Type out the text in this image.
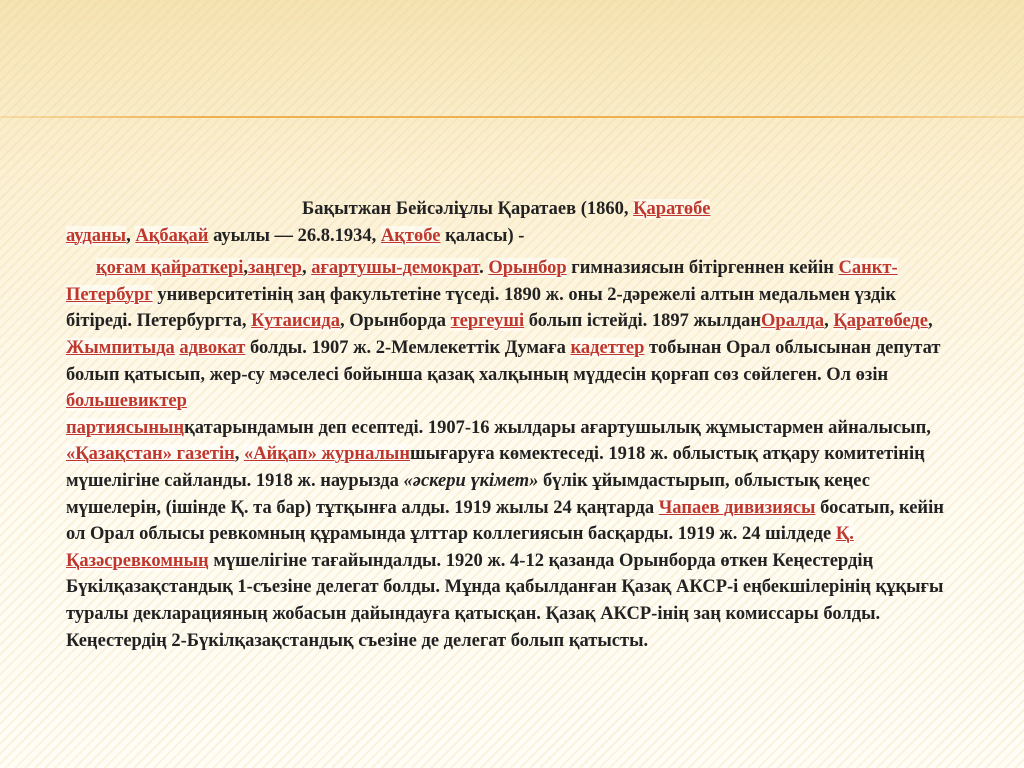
Бақытжан Бейсәліұлы Қаратаев (1860, Қаратөбе
ауданы, Ақбақай ауылы — 26.8.1934, Ақтөбе қаласы) -

қоғам қайраткері,заңгер, ағартушы-демократ. Орынбор гимназиясын бітіргеннен кейін Санкт-
Петербург университетінің заң факультетіне түседі. 1890 ж. оны 2-дәрежелі алтын медальмен үздік бітіреді. Петербургта, Кутаисида, Орынборда тергеуші болып істейді. 1897 жылданОралда, Қаратөбеде, Жымпитыда адвокат болды. 1907 ж. 2-Мемлекеттік Думаға кадеттер тобынан Орал облысынан депутат болып қатысып, жер-су мәселесі бойынша қазақ халқының мүддесін қорғап сөз сөйлеген. Ол өзін большевиктер
партиясыныңқатарындамын деп есептеді. 1907-16 жылдары ағартушылық жұмыстармен айналысып, «Қазақстан» газетін, «Айқап» журналыншығаруға көмектеседі. 1918 ж. облыстық атқару комитетінің мүшелігіне сайланды. 1918 ж. наурызда «әскери үкімет» бүлік ұйымдастырып, облыстық кеңес мүшелерін, (ішінде Қ. та бар) тұтқынға алды. 1919 жылы 24 қаңтарда Чапаев дивизиясы босатып, кейін ол Орал облысы ревкомның құрамында ұлттар коллегиясын басқарды. 1919 ж. 24 шілдеде Қ. Қазәсревкомның мүшелігіне тағайындалды. 1920 ж. 4-12 қазанда Орынборда өткен Кеңестердің Бүкілқазақстандық 1-съезіне делегат болды. Мұнда қабылданған Қазақ АКСР-і еңбекшілерінің құқығы туралы декларацияның жобасын дайындауға қатысқан. Қазақ АКСР-інің заң комиссары болды. Кеңестердің 2-Бүкілқазақстандық съезіне де делегат болып қатысты.
